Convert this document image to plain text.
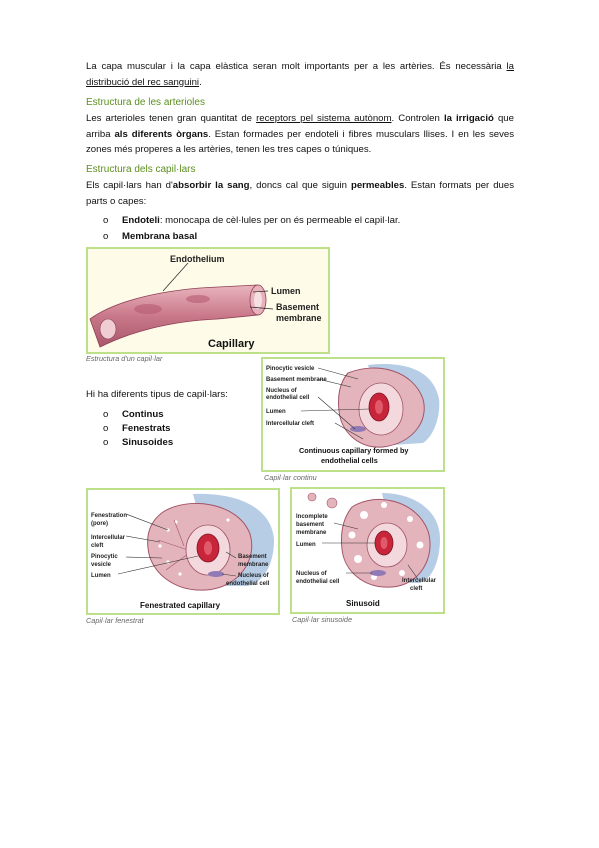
La capa muscular i la capa elàstica seran molt importants per a les artèries. És necessària la distribució del rec sanguini.
Estructura de les arterioles
Les arterioles tenen gran quantitat de receptors pel sistema autònom. Controlen la irrigació que arriba als diferents òrgans. Estan formades per endoteli i fibres musculars llises. I en les seves zones més properes a les artèries, tenen les tres capes o túniques.
Estructura dels capil·lars
Els capil·lars han d'absorbir la sang, doncs cal que siguin permeables. Estan formats per dues parts o capes:
o Endoteli: monocapa de cèl·lules per on és permeable el capil·lar.
o Membrana basal
Endothelium
Lumen
Basement
membrane
Capillary
Estructura d'un capil·lar
Hi ha diferents tipus de capil·lars:
o Continus
o Fenestrats
o Sinusoides
Pinocytic vesicle
Basement membrane
Nucleus of
endothelial cell
Lumen
Intercellular cleft
Continuous capillary formed by
endothelial cells
Capil·lar continu
Fenestration
(pore)
Intercellular
cleft
Pinocytic
vesicle
Lumen
Basement
membrane
Nucleus of
endothelial cell
Fenestrated capillary
Capil·lar fenestrat
Incomplete
basement
membrane
Lumen
Nucleus of
endothelial cell	Intercellular
cleft
Sinusoid
Capil·lar sinusoide
